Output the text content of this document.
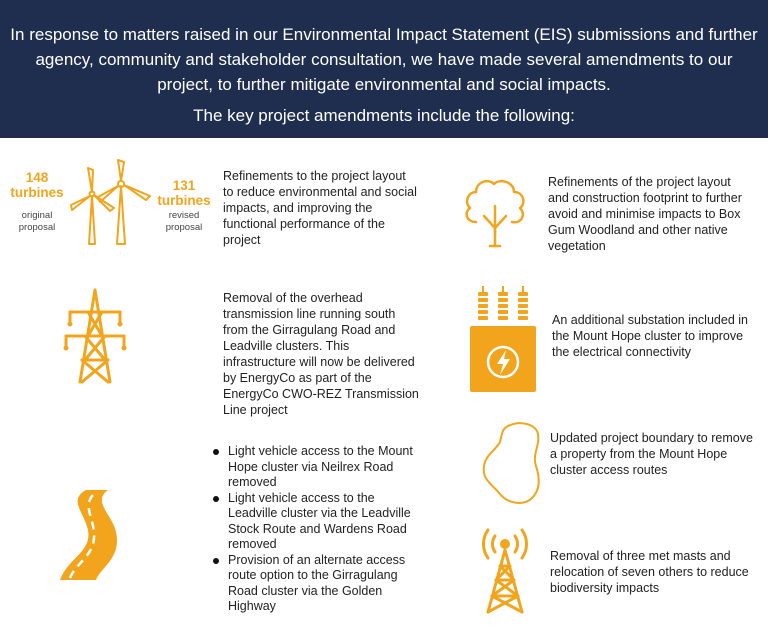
In response to matters raised in our Environmental Impact Statement (EIS) submissions and further agency, community and stakeholder consultation, we have made several amendments to our project, to further mitigate environmental and social impacts.

The key project amendments include the following:

148
turbines
original
proposal
131
turbines
revised
proposal

Refinements to the project layout to reduce environmental and social impacts, and improving the functional performance of the project

Refinements of the project layout and construction footprint to further avoid and minimise impacts to Box Gum Woodland and other native vegetation

Removal of the overhead transmission line running south from the Girragulang Road and Leadville clusters. This infrastructure will now be delivered by EnergyCo as part of the EnergyCo CWO-REZ Transmission Line project

An additional substation included in the Mount Hope cluster to improve the electrical connectivity

Light vehicle access to the Mount Hope cluster via Neilrex Road removed
Light vehicle access to the Leadville cluster via the Leadville Stock Route and Wardens Road removed
Provision of an alternate access route option to the Girragulang Road cluster via the Golden Highway

Updated project boundary to remove a property from the Mount Hope cluster access routes

Removal of three met masts and relocation of seven others to reduce biodiversity impacts
